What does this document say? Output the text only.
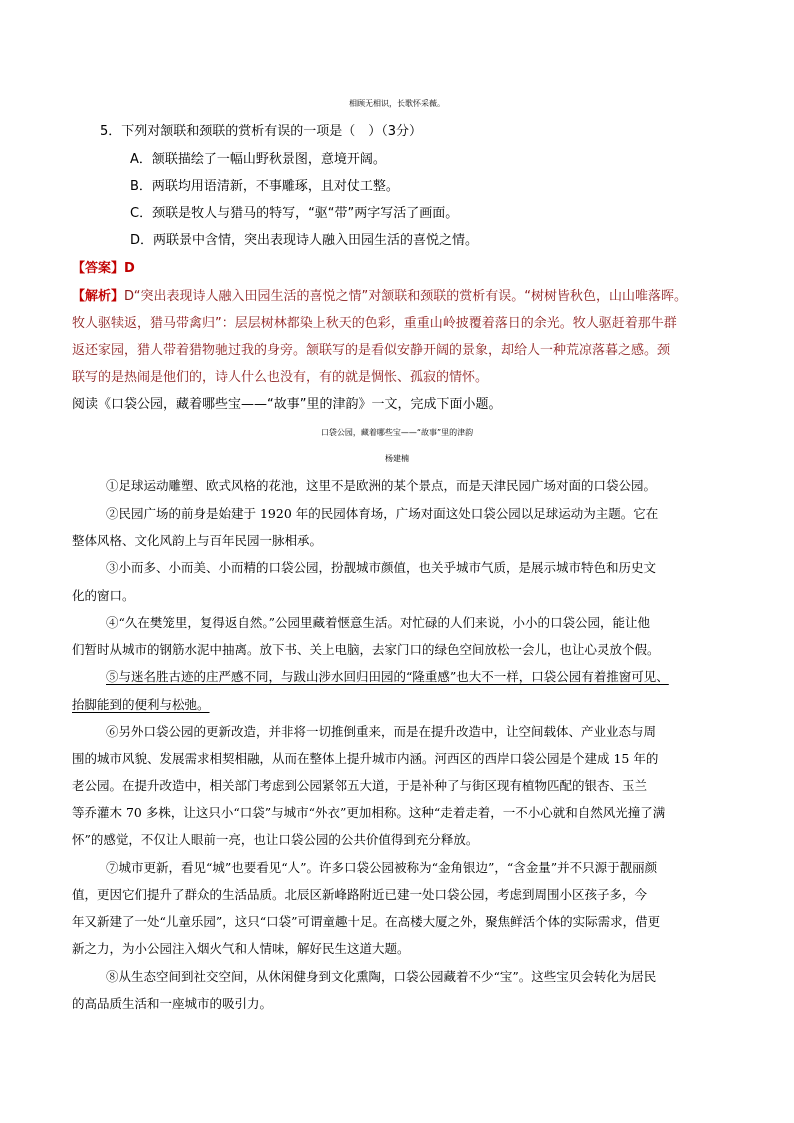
相顾无相识，长歌怀采薇。
5．下列对颔联和颈联的赏析有误的一项是（　）（3分）
A．颔联描绘了一幅山野秋景图，意境开阔。
B．两联均用语清新，不事雕琢，且对仗工整。
C．颈联是牧人与猎马的特写，“驱“带”两字写活了画面。
D．两联景中含情，突出表现诗人融入田园生活的喜悦之情。
【答案】D
【解析】D“突出表现诗人融入田园生活的喜悦之情”对颔联和颈联的赏析有误。“树树皆秋色，山山唯落晖。
牧人驱犊返，猎马带禽归”：层层树林都染上秋天的色彩，重重山岭披覆着落日的余光。牧人驱赶着那牛群
返还家园，猎人带着猎物驰过我的身旁。颔联写的是看似安静开阔的景象，却给人一种荒凉落暮之感。颈
联写的是热闹是他们的，诗人什么也没有，有的就是惆怅、孤寂的情怀。
阅读《口袋公园，藏着哪些宝——“故事”里的津韵》一文，完成下面小题。
口袋公园，藏着哪些宝——“故事”里的津韵
杨建楠
①足球运动雕塑、欧式风格的花池，这里不是欧洲的某个景点，而是天津民园广场对面的口袋公园。
②民园广场的前身是始建于 1920 年的民园体育场，广场对面这处口袋公园以足球运动为主题。它在
整体风格、文化风韵上与百年民园一脉相承。
③小而多、小而美、小而精的口袋公园，扮靓城市颜值，也关乎城市气质，是展示城市特色和历史文
化的窗口。
④“久在樊笼里，复得返自然。”公园里藏着惬意生活。对忙碌的人们来说，小小的口袋公园，能让他
们暂时从城市的钢筋水泥中抽离。放下书、关上电脑，去家门口的绿色空间放松一会儿，也让心灵放个假。
⑤与迷名胜古迹的庄严感不同，与跋山涉水回归田园的“隆重感”也大不一样，口袋公园有着推窗可见、
抬脚能到的便利与松弛。
⑥另外口袋公园的更新改造，并非将一切推倒重来，而是在提升改造中，让空间载体、产业业态与周
围的城市风貌、发展需求相契相融，从而在整体上提升城市内涵。河西区的西岸口袋公园是个建成 15 年的
老公园。在提升改造中，相关部门考虑到公园紧邻五大道，于是补种了与街区现有植物匹配的银杏、玉兰
等乔灌木 70 多株，让这只小“口袋”与城市“外衣”更加相称。这种“走着走着，一不小心就和自然风光撞了满
怀”的感觉，不仅让人眼前一亮，也让口袋公园的公共价值得到充分释放。
⑦城市更新，看见“城”也要看见“人”。许多口袋公园被称为“金角银边”，“含金量”并不只源于靓丽颜
值，更因它们提升了群众的生活品质。北辰区新峰路附近已建一处口袋公园，考虑到周围小区孩子多，今
年又新建了一处“儿童乐园”，这只“口袋”可谓童趣十足。在高楼大厦之外，聚焦鲜活个体的实际需求，借更
新之力，为小公园注入烟火气和人情味，解好民生这道大题。
⑧从生态空间到社交空间，从休闲健身到文化熏陶，口袋公园藏着不少“宝”。这些宝贝会转化为居民
的高品质生活和一座城市的吸引力。
